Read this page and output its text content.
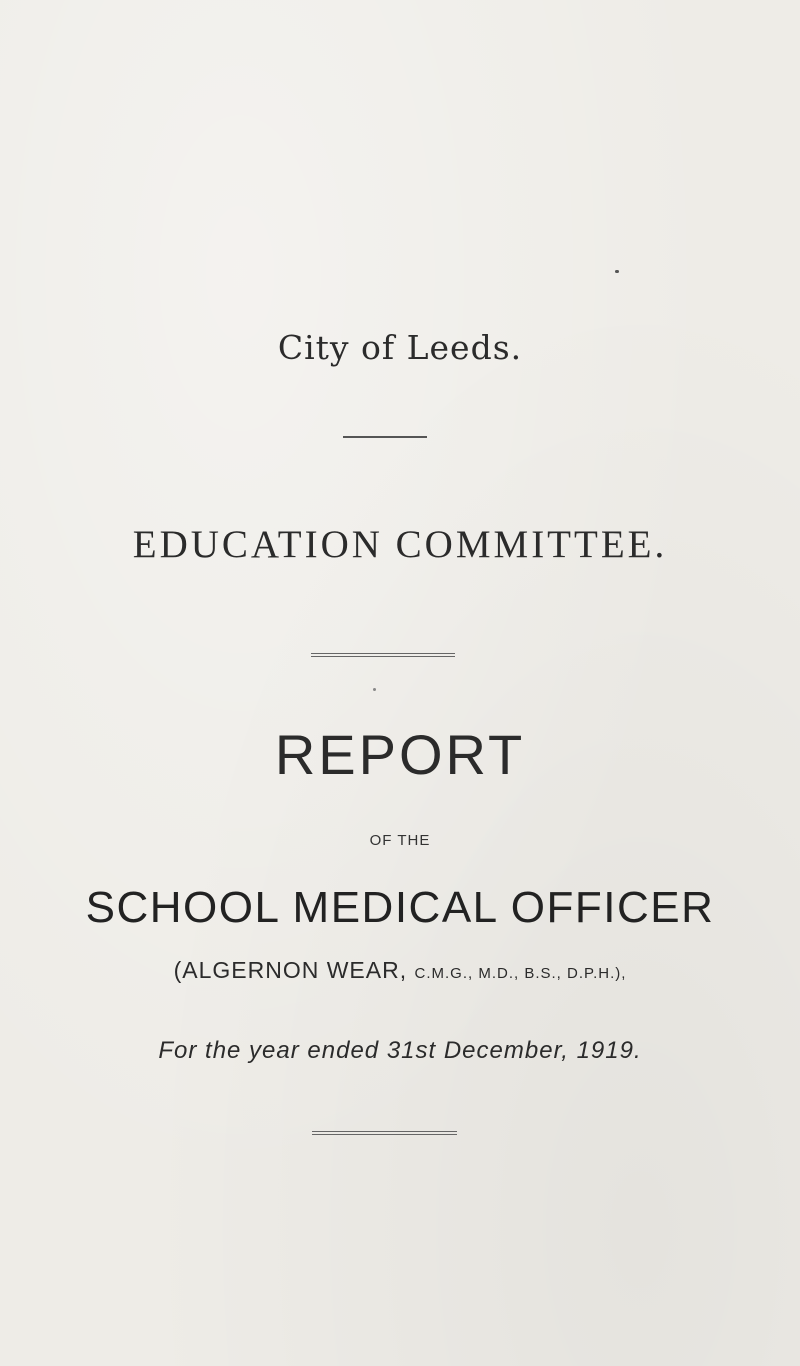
City of Leeds.
EDUCATION COMMITTEE.
REPORT
OF THE
SCHOOL MEDICAL OFFICER
(ALGERNON WEAR, C.M.G., M.D., B.S., D.P.H.),
For the year ended 31st December, 1919.
